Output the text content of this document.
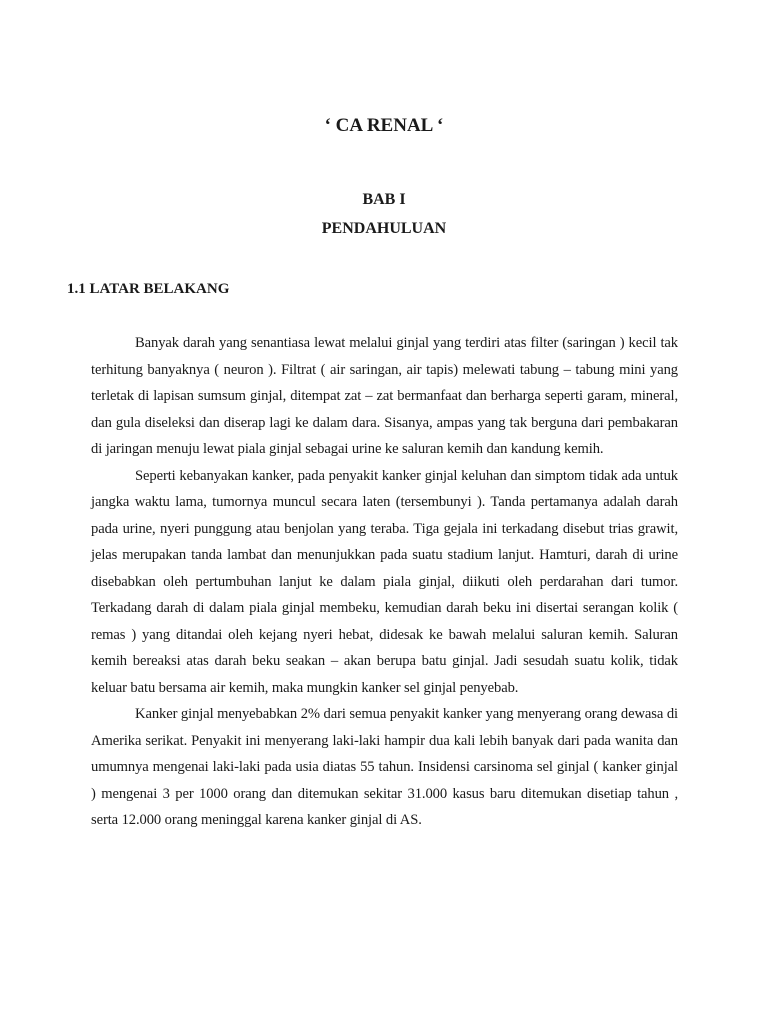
‘ CA RENAL ‘
BAB I
PENDAHULUAN
1.1 LATAR BELAKANG

Banyak darah yang senantiasa lewat melalui ginjal yang terdiri atas filter (saringan ) kecil tak terhitung banyaknya ( neuron ). Filtrat ( air saringan, air tapis) melewati tabung – tabung mini yang terletak di lapisan sumsum ginjal, ditempat zat – zat bermanfaat dan berharga seperti garam, mineral, dan gula diseleksi dan diserap lagi ke dalam dara. Sisanya, ampas yang tak berguna dari pembakaran di jaringan menuju lewat piala ginjal sebagai urine ke saluran kemih dan kandung kemih.

Seperti kebanyakan kanker, pada penyakit kanker ginjal keluhan dan simptom tidak ada untuk jangka waktu lama, tumornya muncul secara laten (tersembunyi ). Tanda pertamanya adalah darah pada urine, nyeri punggung atau benjolan yang teraba. Tiga gejala ini terkadang disebut trias grawit, jelas merupakan tanda lambat dan menunjukkan pada suatu stadium lanjut. Hamturi, darah di urine disebabkan oleh pertumbuhan lanjut ke dalam piala ginjal, diikuti oleh perdarahan dari tumor. Terkadang darah di dalam piala ginjal membeku, kemudian darah beku ini disertai serangan kolik ( remas ) yang ditandai oleh kejang nyeri hebat, didesak ke bawah melalui saluran kemih. Saluran kemih bereaksi atas darah beku seakan – akan berupa batu ginjal. Jadi sesudah suatu kolik, tidak keluar batu bersama air kemih, maka mungkin kanker sel ginjal penyebab.

Kanker ginjal menyebabkan 2% dari semua penyakit kanker yang menyerang orang dewasa di Amerika serikat. Penyakit ini menyerang laki-laki hampir dua kali lebih banyak dari pada wanita dan umumnya mengenai laki-laki pada usia diatas 55 tahun. Insidensi carsinoma sel ginjal ( kanker ginjal ) mengenai 3 per 1000 orang dan ditemukan sekitar 31.000 kasus baru ditemukan disetiap tahun , serta 12.000 orang meninggal karena kanker ginjal di AS.
